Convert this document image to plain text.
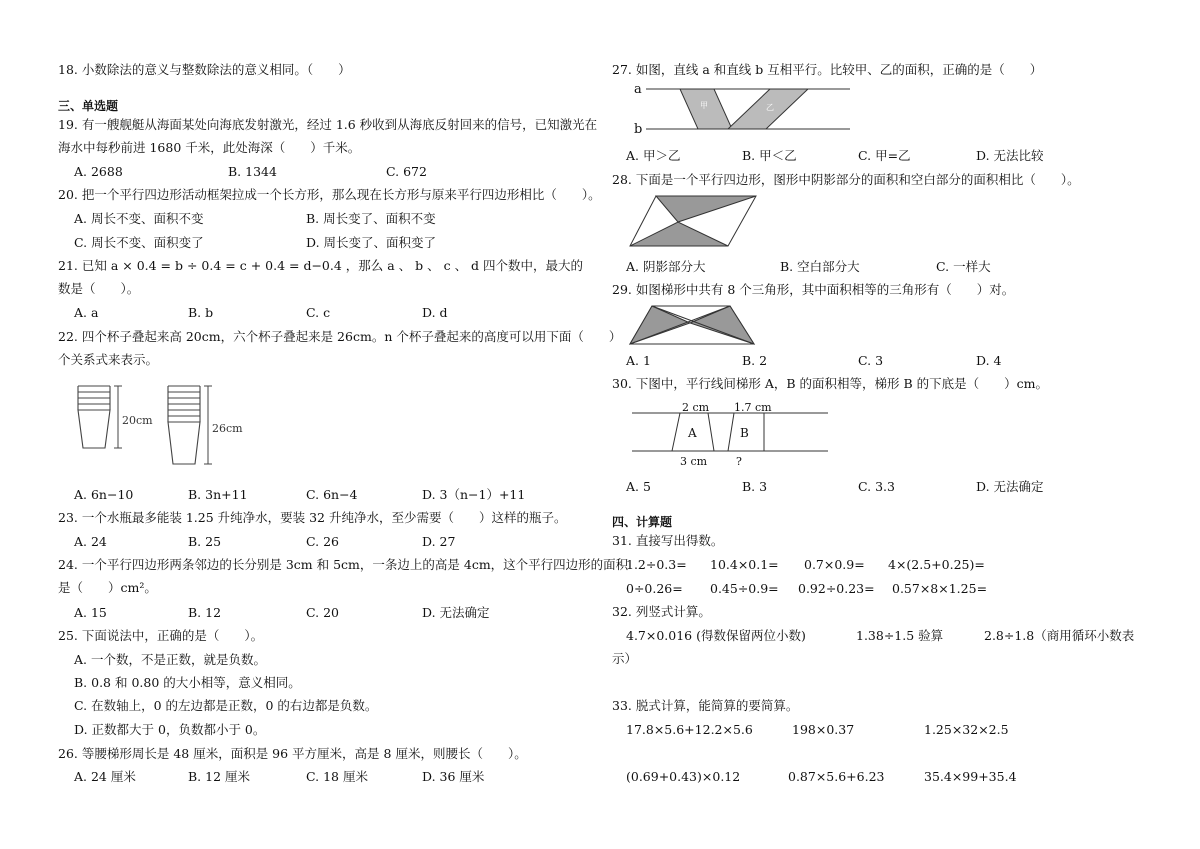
18. 小数除法的意义与整数除法的意义相同。（　　）
三、单选题
19. 有一艘舰艇从海面某处向海底发射激光，经过 1.6 秒收到从海底反射回来的信号，已知激光在
海水中每秒前进 1680 千米，此处海深（　　）千米。
A. 2688	B. 1344	C. 672
20. 把一个平行四边形活动框架拉成一个长方形，那么现在长方形与原来平行四边形相比（　　）。
A. 周长不变、面积不变	B. 周长变了、面积不变
C. 周长不变、面积变了	D. 周长变了、面积变了
21. 已知 a × 0.4 = b ÷ 0.4 = c + 0.4 = d−0.4 ，那么 a 、 b 、 c 、 d 四个数中，最大的
数是（　　）。
A. a	B. b	C. c	D. d
22. 四个杯子叠起来高 20cm，六个杯子叠起来是 26cm。n 个杯子叠起来的高度可以用下面（　　）
个关系式来表示。
20cm
26cm
A. 6n−10	B. 3n+11	C. 6n−4	D. 3（n−1）+11
23. 一个水瓶最多能装 1.25 升纯净水，要装 32 升纯净水，至少需要（　　）这样的瓶子。
A. 24	B. 25	C. 26	D. 27
24. 一个平行四边形两条邻边的长分别是 3cm 和 5cm，一条边上的高是 4cm，这个平行四边形的面积
是（　　）cm²。
A. 15	B. 12	C. 20	D. 无法确定
25. 下面说法中，正确的是（　　）。
A. 一个数，不是正数，就是负数。
B. 0.8 和 0.80 的大小相等，意义相同。
C. 在数轴上，0 的左边都是正数，0 的右边都是负数。
D. 正数都大于 0，负数都小于 0。
26. 等腰梯形周长是 48 厘米，面积是 96 平方厘米，高是 8 厘米，则腰长（　　）。
A. 24 厘米	B. 12 厘米	C. 18 厘米	D. 36 厘米
27. 如图，直线 a 和直线 b 互相平行。比较甲、乙的面积，正确的是（　　）
a
b
甲	乙
A. 甲＞乙	B. 甲＜乙	C. 甲=乙	D. 无法比较
28. 下面是一个平行四边形，图形中阴影部分的面积和空白部分的面积相比（　　）。
A. 阴影部分大	B. 空白部分大	C. 一样大
29. 如图梯形中共有 8 个三角形，其中面积相等的三角形有（　　）对。
A. 1	B. 2	C. 3	D. 4
30. 下图中，平行线间梯形 A，B 的面积相等，梯形 B 的下底是（　　）cm。
2 cm 1.7 cm
A	B
3 cm	?
A. 5	B. 3	C. 3.3	D. 无法确定
四、计算题
31. 直接写出得数。
1.2÷0.3= 10.4×0.1= 0.7×0.9= 4×(2.5+0.25)=
0÷0.26= 0.45÷0.9= 0.92÷0.23= 0.57×8×1.25=
32. 列竖式计算。
4.7×0.016 (得数保留两位小数)	1.38÷1.5 验算	2.8÷1.8（商用循环小数表
示）
33. 脱式计算，能简算的要简算。
17.8×5.6+12.2×5.6	198×0.37	1.25×32×2.5
(0.69+0.43)×0.12	0.87×5.6+6.23	35.4×99+35.4
